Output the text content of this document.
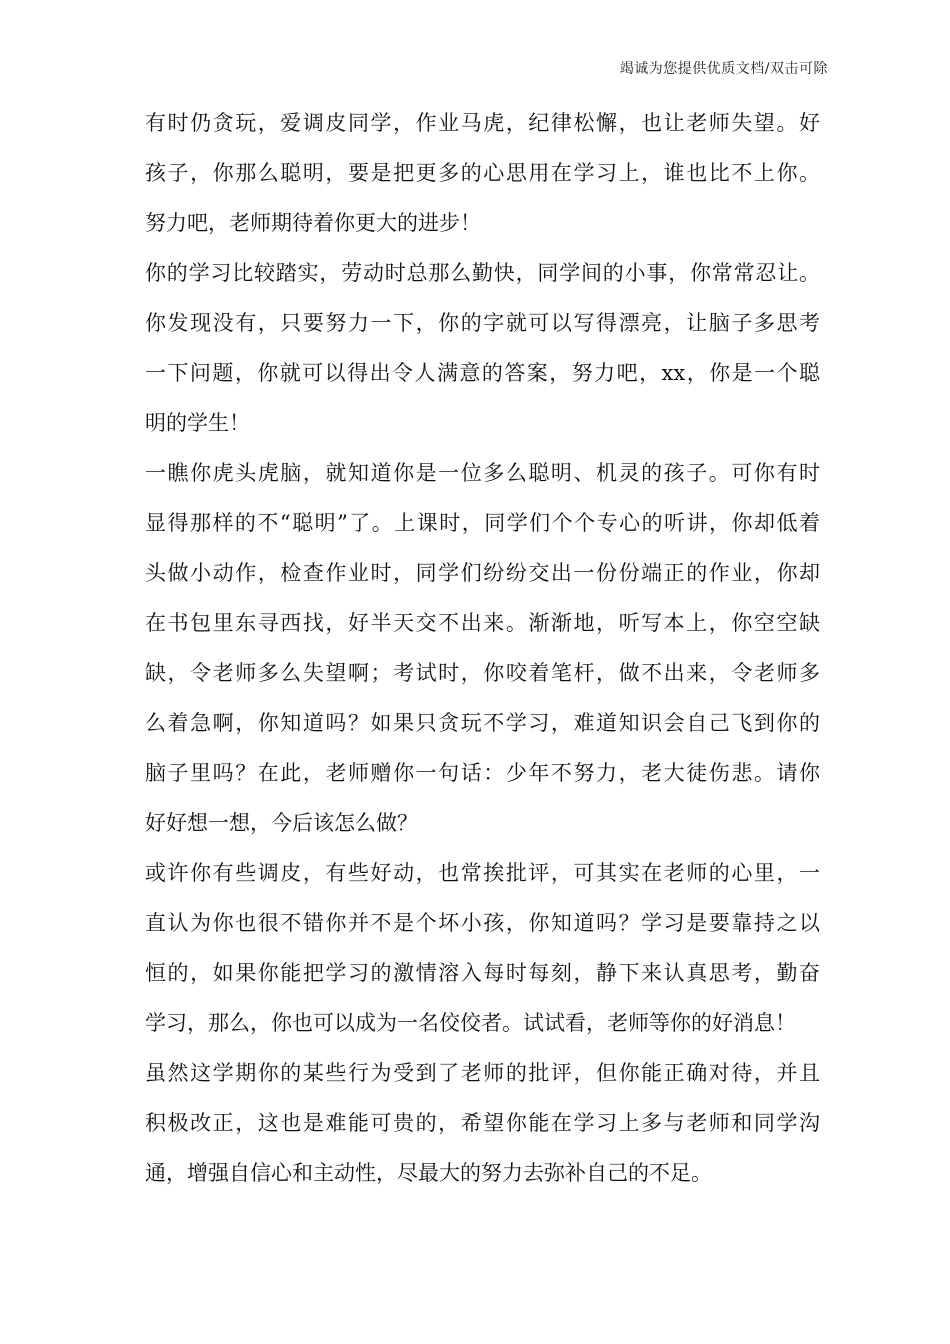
竭诚为您提供优质文档/双击可除

有时仍贪玩，爱调皮同学，作业马虎，纪律松懈，也让老师失望。好
孩子，你那么聪明，要是把更多的心思用在学习上，谁也比不上你。
努力吧，老师期待着你更大的进步！

你的学习比较踏实，劳动时总那么勤快，同学间的小事，你常常忍让。
你发现没有，只要努力一下，你的字就可以写得漂亮，让脑子多思考
一下问题，你就可以得出令人满意的答案，努力吧，xx，你是一个聪
明的学生！

一瞧你虎头虎脑，就知道你是一位多么聪明、机灵的孩子。可你有时
显得那样的不“聪明”了。上课时，同学们个个专心的听讲，你却低着
头做小动作，检查作业时，同学们纷纷交出一份份端正的作业，你却
在书包里东寻西找，好半天交不出来。渐渐地，听写本上，你空空缺
缺，令老师多么失望啊；考试时，你咬着笔杆，做不出来，令老师多
么着急啊，你知道吗？如果只贪玩不学习，难道知识会自己飞到你的
脑子里吗？在此，老师赠你一句话：少年不努力，老大徒伤悲。请你
好好想一想，今后该怎么做？

或许你有些调皮，有些好动，也常挨批评，可其实在老师的心里，一
直认为你也很不错你并不是个坏小孩，你知道吗？学习是要靠持之以
恒的，如果你能把学习的激情溶入每时每刻，静下来认真思考，勤奋
学习，那么，你也可以成为一名佼佼者。试试看，老师等你的好消息！

虽然这学期你的某些行为受到了老师的批评，但你能正确对待，并且
积极改正，这也是难能可贵的，希望你能在学习上多与老师和同学沟
通，增强自信心和主动性，尽最大的努力去弥补自己的不足。
